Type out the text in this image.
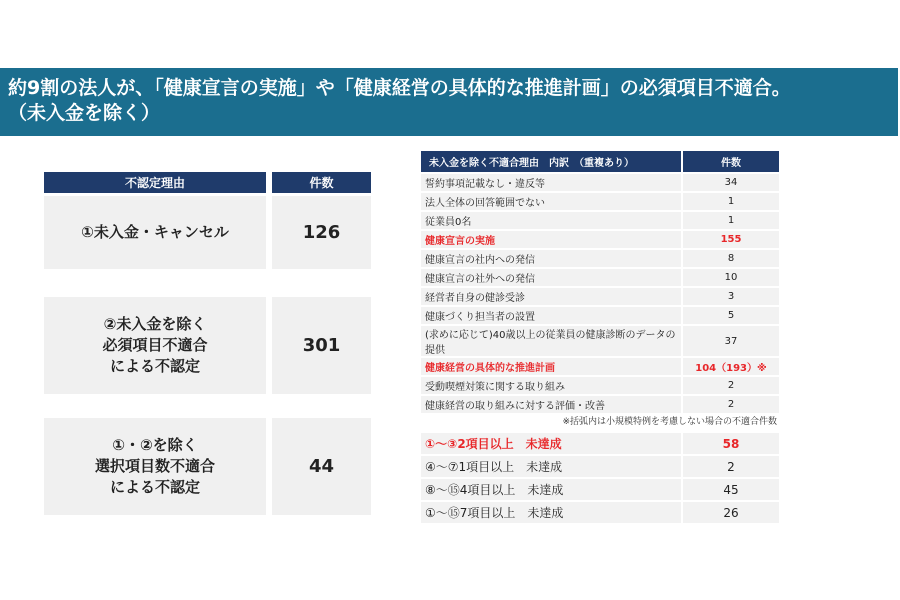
約9割の法人が、「健康宣言の実施」や「健康経営の具体的な推進計画」の必須項目不適合。
（未入金を除く）
不認定理由	件数
①未入金・キャンセル	126
②未入金を除く
必須項目不適合
による不認定
301
①・②を除く
選択項目数不適合
による不認定
44
未入金を除く不適合理由　内訳　（重複あり）	件数
誓約事項記載なし・違反等	34
法人全体の回答範囲でない	1
従業員0名	1
健康宣言の実施	155
健康宣言の社内への発信	8
健康宣言の社外への発信	10
経営者自身の健診受診	3
健康づくり担当者の設置	5
(求めに応じて)40歳以上の従業員の健康診断のデータの提供
37
健康経営の具体的な推進計画	104（193）※
受動喫煙対策に関する取り組み	2
健康経営の取り組みに対する評価・改善	2
※括弧内は小規模特例を考慮しない場合の不適合件数
①～③2項目以上　未達成	58
④～⑦1項目以上　未達成	2
⑧～⑮4項目以上　未達成	45
①～⑮7項目以上　未達成	26
